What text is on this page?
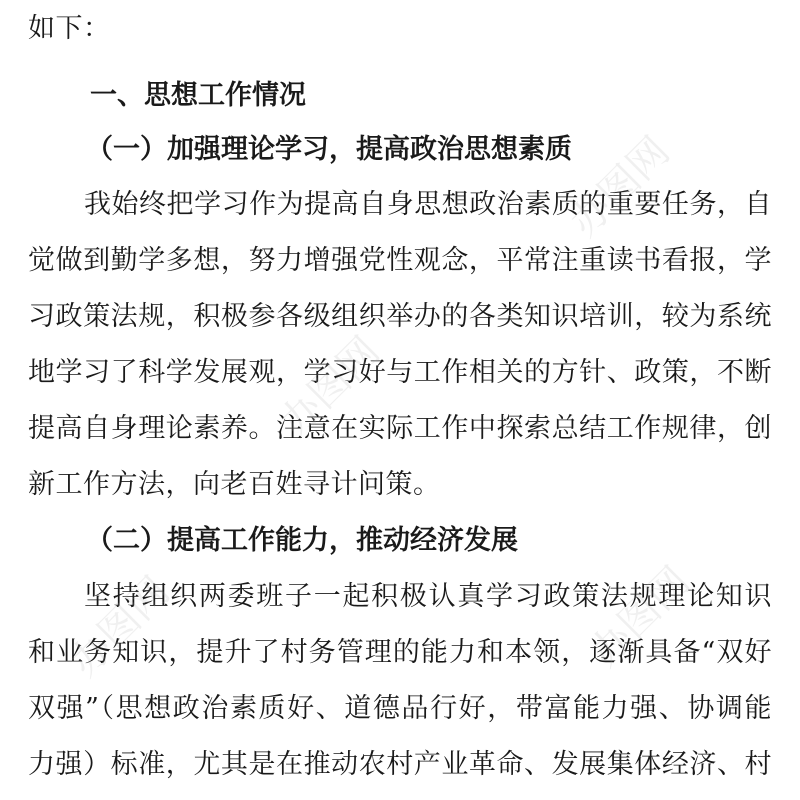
如下：
一、思想工作情况
（一）加强理论学习，提高政治思想素质
我始终把学习作为提高自身思想政治素质的重要任务，自
觉做到勤学多想，努力增强党性观念，平常注重读书看报，学
习政策法规，积极参各级组织举办的各类知识培训，较为系统
地学习了科学发展观，学习好与工作相关的方针、政策，不断
提高自身理论素养。注意在实际工作中探索总结工作规律，创
新工作方法，向老百姓寻计问策。
（二）提高工作能力，推动经济发展
坚持组织两委班子一起积极认真学习政策法规理论知识
和业务知识，提升了村务管理的能力和本领，逐渐具备“双好
双强”（思想政治素质好、道德品行好，带富能力强、协调能
力强）标准，尤其是在推动农村产业革命、发展集体经济、村
办图网
办图网
办图网
办图网
